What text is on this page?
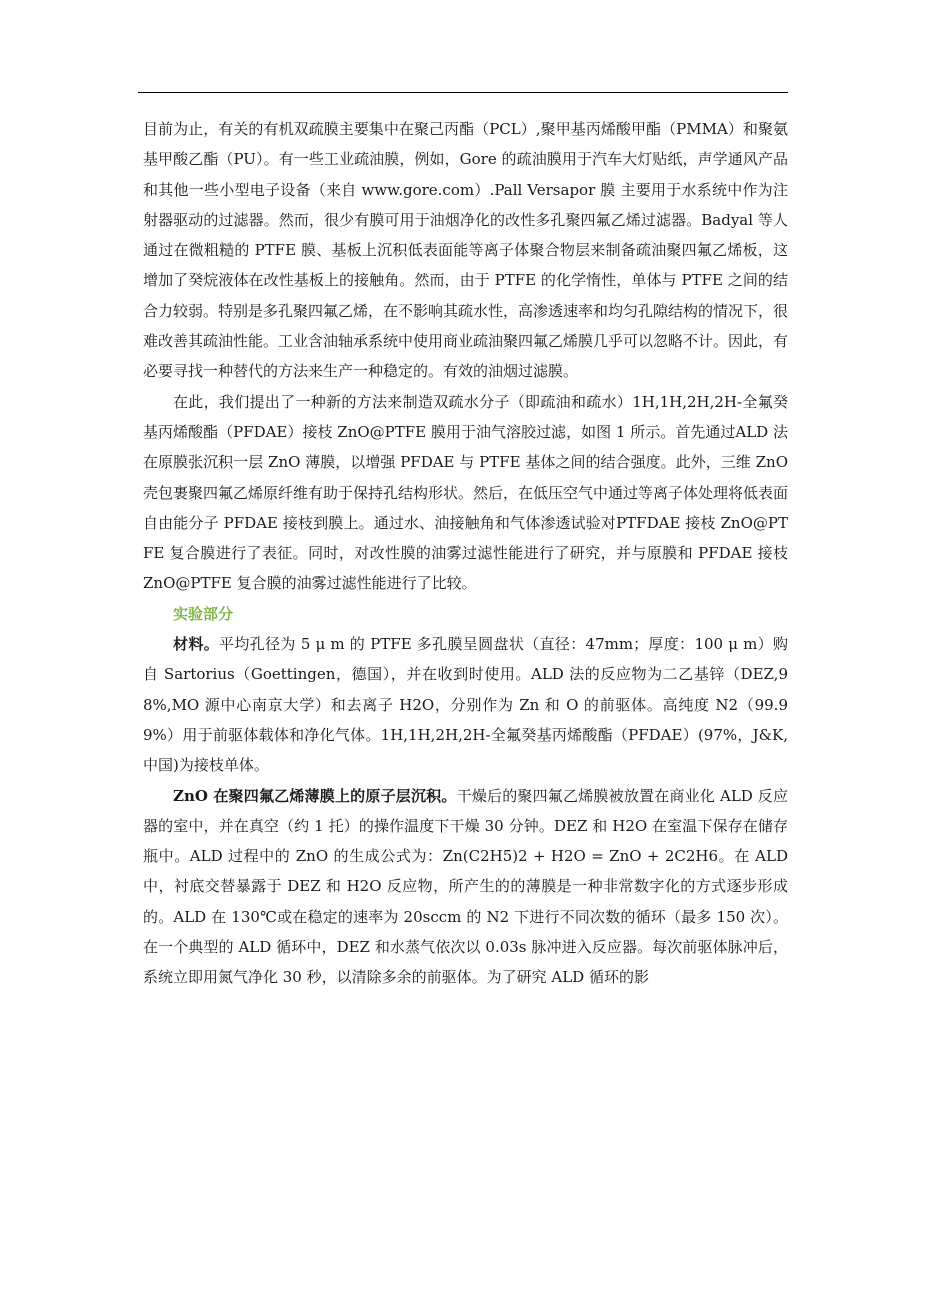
目前为止，有关的有机双疏膜主要集中在聚己丙酯（PCL）,聚甲基丙烯酸甲酯（PMMA）和聚氨基甲酸乙酯（PU）。有一些工业疏油膜，例如，Gore 的疏油膜用于汽车大灯贴纸，声学通风产品和其他一些小型电子设备（来自 www.gore.com）.Pall Versapor 膜 主要用于水系统中作为注射器驱动的过滤器。然而，很少有膜可用于油烟净化的改性多孔聚四氟乙烯过滤器。Badyal 等人通过在微粗糙的 PTFE 膜、基板上沉积低表面能等离子体聚合物层来制备疏油聚四氟乙烯板，这增加了癸烷液体在改性基板上的接触角。然而，由于 PTFE 的化学惰性，单体与 PTFE 之间的结合力较弱。特别是多孔聚四氟乙烯，在不影响其疏水性，高渗透速率和均匀孔隙结构的情况下，很难改善其疏油性能。工业含油轴承系统中使用商业疏油聚四氟乙烯膜几乎可以忽略不计。因此，有必要寻找一种替代的方法来生产一种稳定的。有效的油烟过滤膜。

在此，我们提出了一种新的方法来制造双疏水分子（即疏油和疏水）1H,1H,2H,2H-全氟癸基丙烯酸酯（PFDAE）接枝 ZnO@PTFE 膜用于油气溶胶过滤，如图 1 所示。首先通过ALD 法在原膜张沉积一层 ZnO 薄膜，以增强 PFDAE 与 PTFE 基体之间的结合强度。此外，三维 ZnO 壳包裹聚四氟乙烯原纤维有助于保持孔结构形状。然后，在低压空气中通过等离子体处理将低表面自由能分子 PFDAE 接枝到膜上。通过水、油接触角和气体渗透试验对PTFDAE 接枝 ZnO@PTFE 复合膜进行了表征。同时，对改性膜的油雾过滤性能进行了研究，并与原膜和 PFDAE 接枝 ZnO@PTFE 复合膜的油雾过滤性能进行了比较。

实验部分

材料。平均孔径为 5 μ m 的 PTFE 多孔膜呈圆盘状（直径：47mm；厚度：100 μ m）购自 Sartorius（Goettingen，德国），并在收到时使用。ALD 法的反应物为二乙基锌（DEZ,98%,MO 源中心南京大学）和去离子 H2O，分别作为 Zn 和 O 的前驱体。高纯度 N2（99.99%）用于前驱体载体和净化气体。1H,1H,2H,2H-全氟癸基丙烯酸酯（PFDAE）(97%，J&K,中国)为接枝单体。

ZnO 在聚四氟乙烯薄膜上的原子层沉积。干燥后的聚四氟乙烯膜被放置在商业化 ALD 反应器的室中，并在真空（约 1 托）的操作温度下干燥 30 分钟。DEZ 和 H2O 在室温下保存在储存瓶中。ALD 过程中的 ZnO 的生成公式为：Zn(C2H5)2 + H2O = ZnO + 2C2H6。在 ALD 中，衬底交替暴露于 DEZ 和 H2O 反应物，所产生的的薄膜是一种非常数字化的方式逐步形成的。ALD 在 130℃或在稳定的速率为 20sccm 的 N2 下进行不同次数的循环（最多 150 次）。在一个典型的 ALD 循环中，DEZ 和水蒸气依次以 0.03s 脉冲进入反应器。每次前驱体脉冲后，系统立即用氮气净化 30 秒，以清除多余的前驱体。为了研究 ALD 循环的影
